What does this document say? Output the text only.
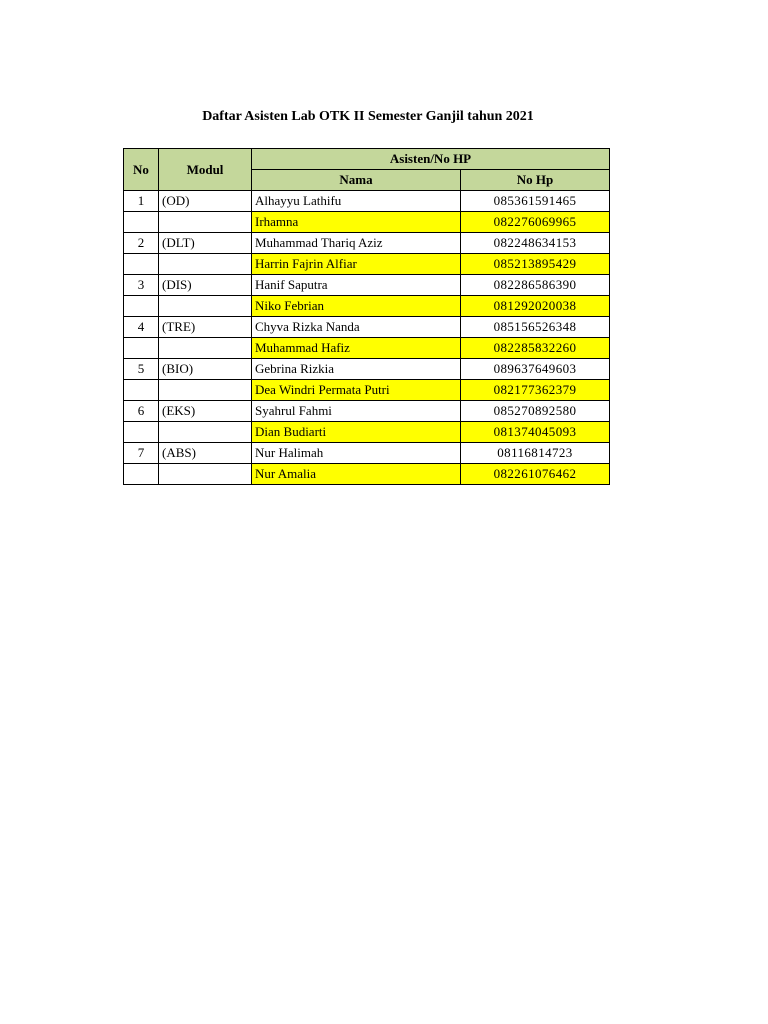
Daftar Asisten Lab OTK II Semester Ganjil tahun 2021
No	Modul	Asisten/No HP	
		Nama	No Hp
1	(OD)	Alhayyu Lathifu	085361591465
		Irhamna	082276069965
2	(DLT)	Muhammad Thariq Aziz	082248634153
		Harrin Fajrin Alfiar	085213895429
3	(DIS)	Hanif Saputra	082286586390
		Niko Febrian	081292020038
4	(TRE)	Chyva Rizka Nanda	085156526348
		Muhammad Hafiz	082285832260
5	(BIO)	Gebrina Rizkia	089637649603
		Dea Windri Permata Putri	082177362379
6	(EKS)	Syahrul Fahmi	085270892580
		Dian Budiarti	081374045093
7	(ABS)	Nur Halimah	08116814723
		Nur Amalia	082261076462
